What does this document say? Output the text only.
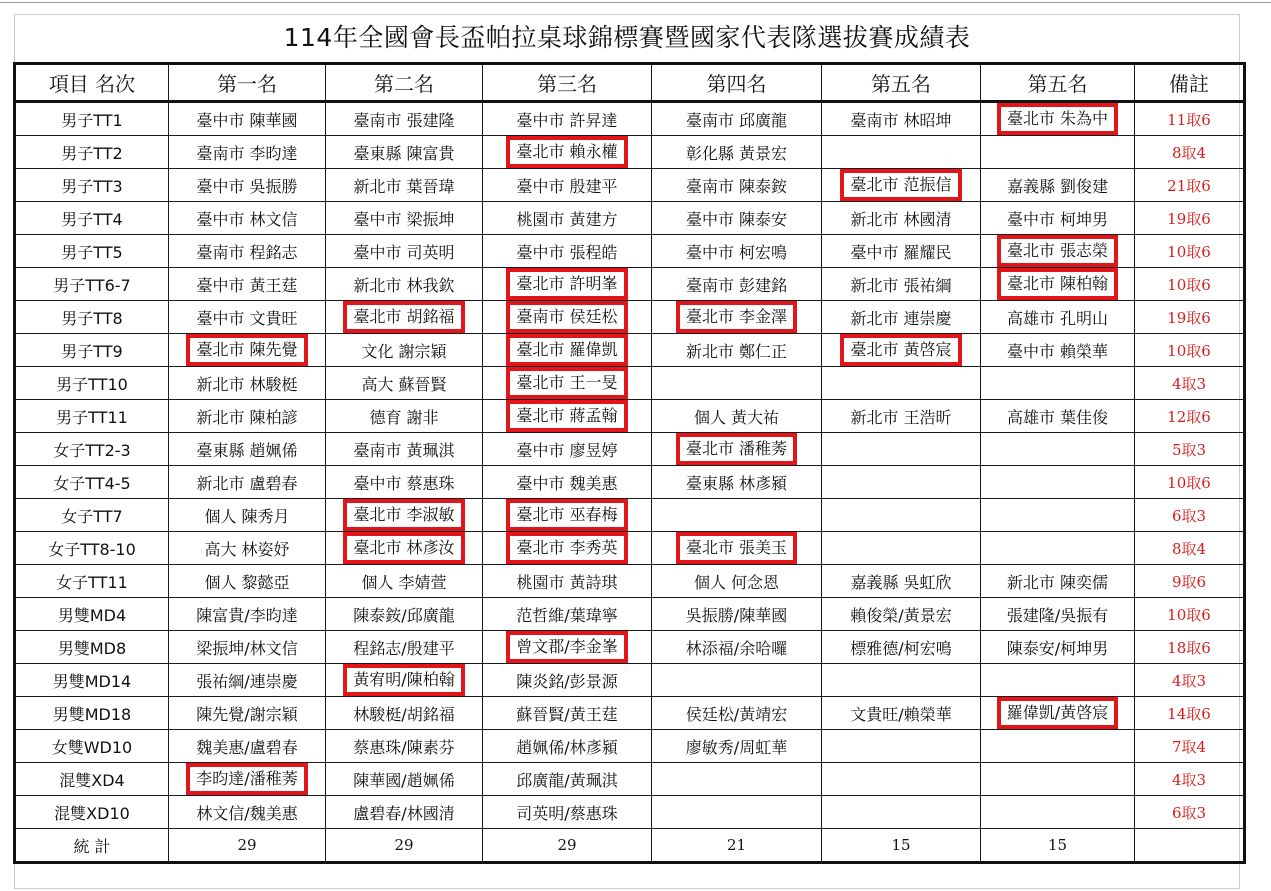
114年全國會長盃帕拉桌球錦標賽暨國家代表隊選拔賽成績表
項目 名次	第一名	第二名	第三名	第四名	第五名	第五名	備註
男子TT1	臺中市 陳華國	臺南市 張建隆	臺中市 許昇達	臺南市 邱廣龍	臺南市 林昭坤	臺北市 朱為中	11取6
男子TT2	臺南市 李昀達	臺東縣 陳富貴	臺北市 賴永權	彰化縣 黃景宏			8取4
男子TT3	臺中市 吳振勝	新北市 葉晉瑋	臺中市 殷建平	臺南市 陳泰銨	臺北市 范振信	嘉義縣 劉俊建	21取6
男子TT4	臺中市 林文信	臺中市 梁振坤	桃園市 黃建方	臺中市 陳泰安	新北市 林國清	臺中市 柯坤男	19取6
男子TT5	臺南市 程銘志	臺中市 司英明	臺中市 張程皓	臺中市 柯宏鳴	臺中市 羅耀民	臺北市 張志榮	10取6
男子TT6-7	臺中市 黃王莛	新北市 林我欽	臺北市 許明峯	臺南市 彭建銘	新北市 張祐綱	臺北市 陳柏翰	10取6
男子TT8	臺中市 文貴旺	臺北市 胡銘福	臺南市 侯廷松	臺北市 李金澤	新北市 連崇慶	高雄市 孔明山	19取6
男子TT9	臺北市 陳先覺	文化 謝宗穎	臺北市 羅偉凱	新北市 鄭仁正	臺北市 黃啓宸	臺中市 賴榮華	10取6
男子TT10	新北市 林駿梃	高大 蘇晉賢	臺北市 王一旻				4取3
男子TT11	新北市 陳柏諺	德育 謝非	臺北市 蔣孟翰	個人 黃大祐	新北市 王浩昕	高雄市 葉佳俊	12取6
女子TT2-3	臺東縣 趙姵俙	臺南市 黃珮淇	臺中市 廖昱婷	臺北市 潘稚莠			5取3
女子TT4-5	新北市 盧碧春	臺中市 蔡惠珠	臺中市 魏美惠	臺東縣 林彥潁			10取6
女子TT7	個人 陳秀月	臺北市 李淑敏	臺北市 巫春梅				6取3
女子TT8-10	高大 林姿妤	臺北市 林彥汝	臺北市 李秀英	臺北市 張美玉			8取4
女子TT11	個人 黎懿亞	個人 李婧萱	桃園市 黃詩琪	個人 何念恩	嘉義縣 吳虹欣	新北市 陳奕儒	9取6
男雙MD4	陳富貴/李昀達	陳泰銨/邱廣龍	范哲維/葉瑋寧	吳振勝/陳華國	賴俊榮/黃景宏	張建隆/吳振有	10取6
男雙MD8	梁振坤/林文信	程銘志/殷建平	曾文郡/李金峯	林添福/余哈囉	標雅德/柯宏鳴	陳泰安/柯坤男	18取6
男雙MD14	張祐綱/連崇慶	黃宥明/陳柏翰	陳炎銘/彭景源				4取3
男雙MD18	陳先覺/謝宗穎	林駿梃/胡銘福	蘇晉賢/黃王莛	侯廷松/黃靖宏	文貴旺/賴榮華	羅偉凱/黃啓宸	14取6
女雙WD10	魏美惠/盧碧春	蔡惠珠/陳素芬	趙姵俙/林彥潁	廖敏秀/周虹華			7取4
混雙XD4	李昀達/潘稚莠	陳華國/趙姵俙	邱廣龍/黃珮淇				4取3
混雙XD10	林文信/魏美惠	盧碧春/林國清	司英明/蔡惠珠				6取3
統 計	29	29	29	21	15	15	
